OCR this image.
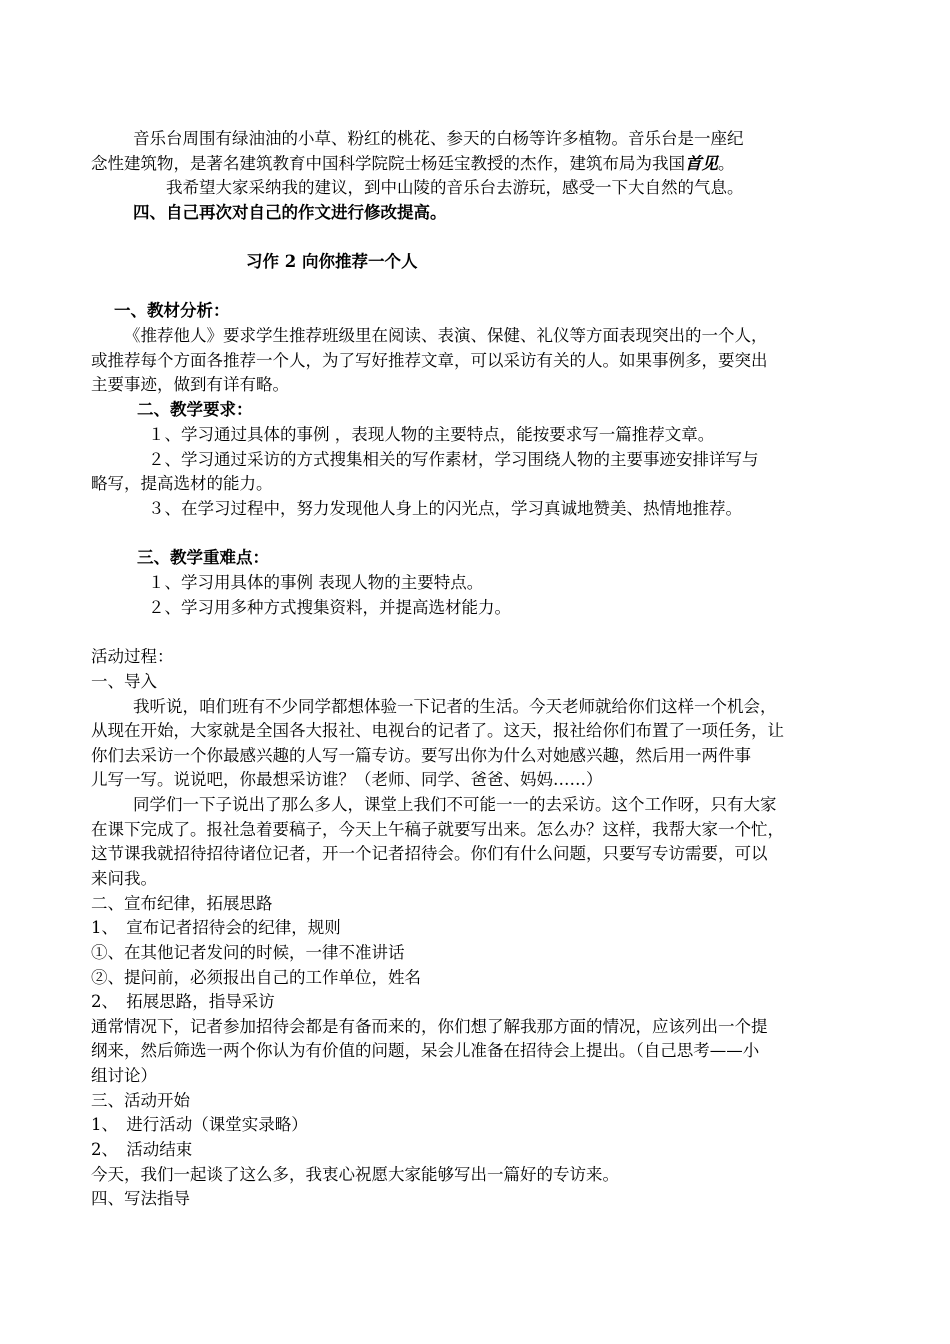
音乐台周围有绿油油的小草、粉红的桃花、参天的白杨等许多植物。音乐台是一座纪
念性建筑物，是著名建筑教育中国科学院院士杨廷宝教授的杰作，建筑布局为我国首见。
我希望大家采纳我的建议，到中山陵的音乐台去游玩，感受一下大自然的气息。
四、自己再次对自己的作文进行修改提高。
习作 2 向你推荐一个人
一、教材分析：
《推荐他人》要求学生推荐班级里在阅读、表演、保健、礼仪等方面表现突出的一个人，
或推荐每个方面各推荐一个人，为了写好推荐文章，可以采访有关的人。如果事例多，要突出
主要事迹，做到有详有略。
二、教学要求：
１、学习通过具体的事例 ，表现人物的主要特点，能按要求写一篇推荐文章。
２、学习通过采访的方式搜集相关的写作素材，学习围绕人物的主要事迹安排详写与
略写，提高选材的能力。
３、在学习过程中，努力发现他人身上的闪光点，学习真诚地赞美、热情地推荐。
三、教学重难点：
１、学习用具体的事例 表现人物的主要特点。
２、学习用多种方式搜集资料，并提高选材能力。
活动过程：
一、导入
我听说，咱们班有不少同学都想体验一下记者的生活。今天老师就给你们这样一个机会，
从现在开始，大家就是全国各大报社、电视台的记者了。这天，报社给你们布置了一项任务，让
你们去采访一个你最感兴趣的人写一篇专访。要写出你为什么对她感兴趣，然后用一两件事
儿写一写。说说吧，你最想采访谁？（老师、同学、爸爸、妈妈……）
同学们一下子说出了那么多人，课堂上我们不可能一一的去采访。这个工作呀，只有大家
在课下完成了。报社急着要稿子，今天上午稿子就要写出来。怎么办？这样，我帮大家一个忙，
这节课我就招待招待诸位记者，开一个记者招待会。你们有什么问题，只要写专访需要，可以
来问我。
二、宣布纪律，拓展思路
1、　宣布记者招待会的纪律，规则
①、在其他记者发问的时候，一律不准讲话
②、提问前，必须报出自己的工作单位，姓名
2、　拓展思路，指导采访
通常情况下，记者参加招待会都是有备而来的，你们想了解我那方面的情况，应该列出一个提
纲来，然后筛选一两个你认为有价值的问题，呆会儿准备在招待会上提出。（自己思考——小
组讨论）
三、活动开始
1、　进行活动（课堂实录略）
2、　活动结束
今天，我们一起谈了这么多，我衷心祝愿大家能够写出一篇好的专访来。
四、写法指导
